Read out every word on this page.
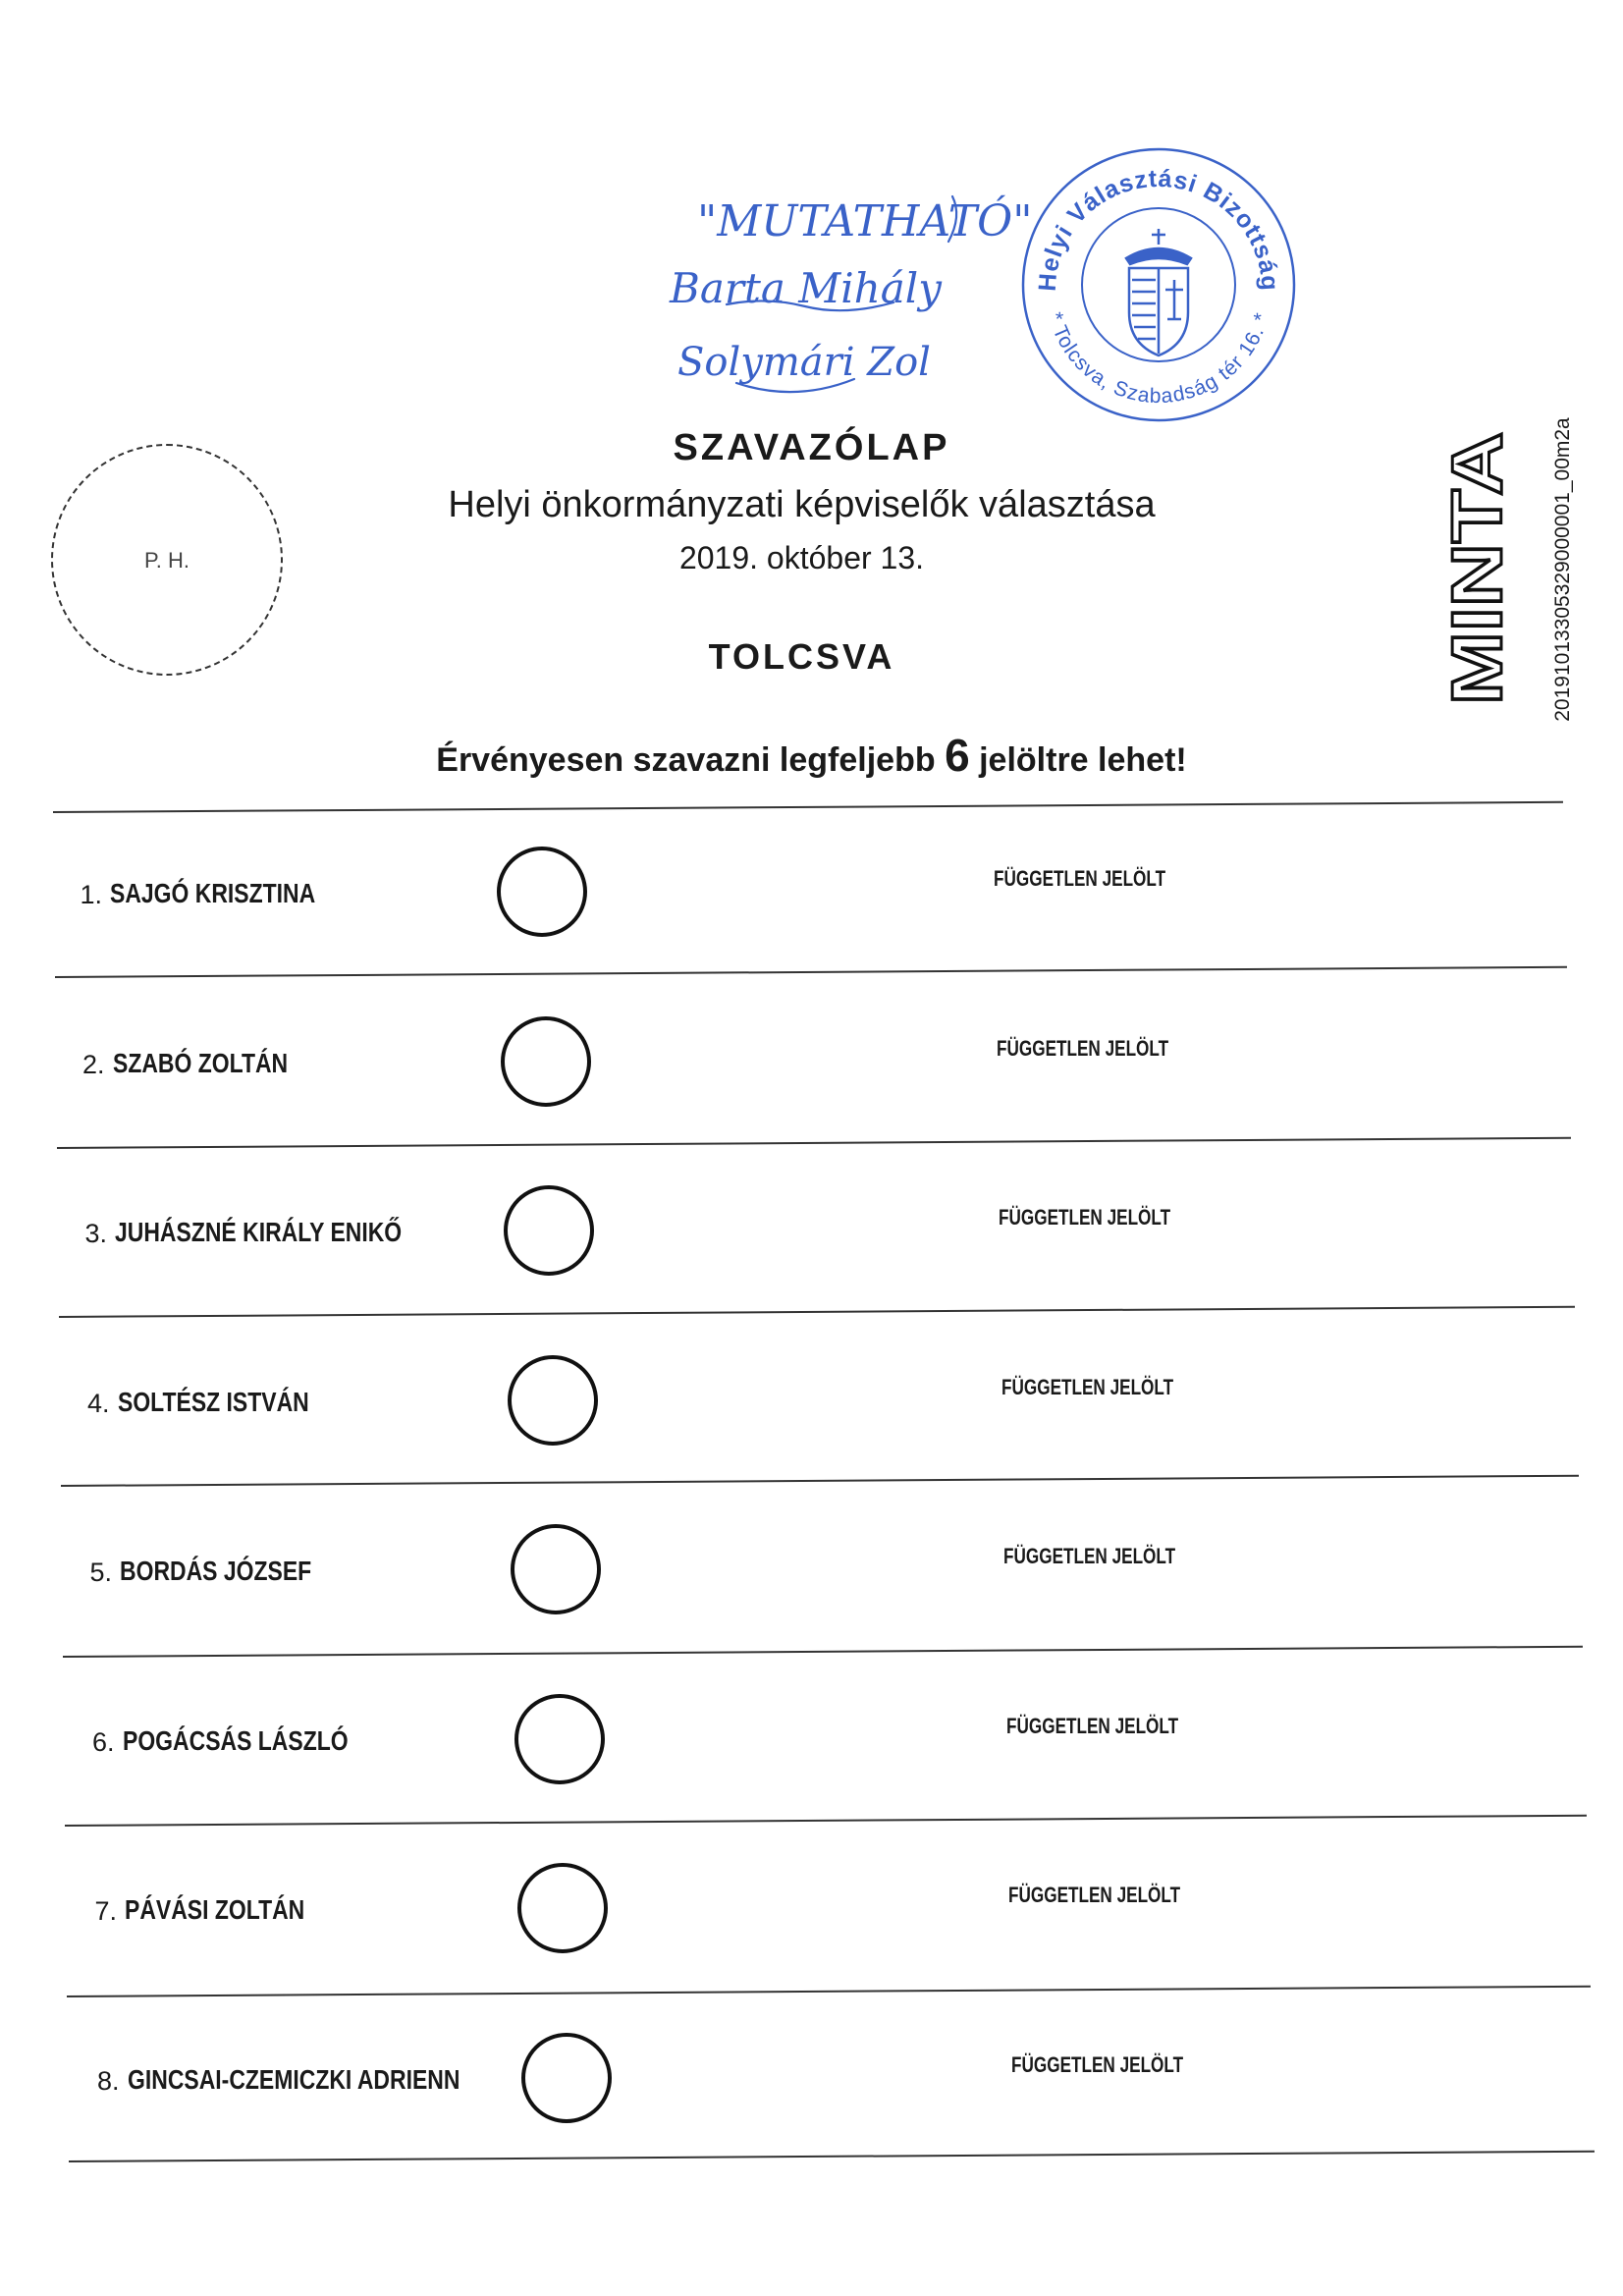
"MUTATHATÓ"
Barta Mihály
Solymári Zol
Helyi Választási Bizottság
* Tolcsva, Szabadság tér 16. *
P. H.
SZAVAZÓLAP
Helyi önkormányzati képviselők választása
2019. október 13.
TOLCSVA
Érvényesen szavazni legfeljebb 6 jelöltre lehet!
MINTA 20191013305329000001_00m2a
1. SAJGÓ KRISZTINA	FÜGGETLEN JELÖLT
2. SZABÓ ZOLTÁN	FÜGGETLEN JELÖLT
3. JUHÁSZNÉ KIRÁLY ENIKŐ	FÜGGETLEN JELÖLT
4. SOLTÉSZ ISTVÁN	FÜGGETLEN JELÖLT
5. BORDÁS JÓZSEF	FÜGGETLEN JELÖLT
6. POGÁCSÁS LÁSZLÓ	FÜGGETLEN JELÖLT
7. PÁVÁSI ZOLTÁN	FÜGGETLEN JELÖLT
8. GINCSAI-CZEMICZKI ADRIENN	FÜGGETLEN JELÖLT
